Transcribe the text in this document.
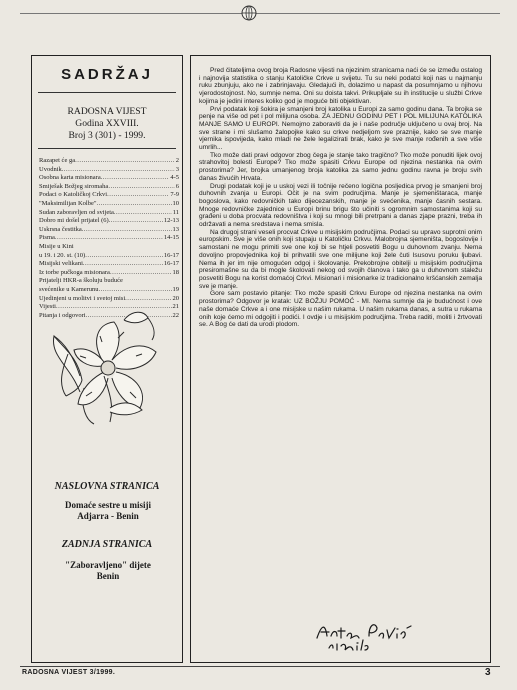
SADRŽAJ
RADOSNA VIJEST
Godina XXVIII.
Broj 3 (301) - 1999.
Razapet će ga .....	2
Uvodnik .....	3
Osobna karta misionara .....	4-5
Smiješak Božjeg siromaha .....	6
Podaci o Katoličkoj Crkvi .....	7-9
"Maksimilijan Kolbe" .....	10
Sudan zaboravljen od svijeta .....	11
Dobro mi došel prijatel (6) .....	12-13
Uskrsna čestitka .....	13
Pisma .....	14-15
Misije u Kini
u 19. i 20. st. (10) .....	16-17
Misijski velikani .....	16-17
Iz torbe pučkoga misionara .....	18
Prijatelji HKR-a školuju buduće
svećenike u Kamerunu .....	19
Ujedinjeni u molitvi i svetoj misi .....	20
Vijesti .....	21
Pitanja i odgovori .....	22
NASLOVNA STRANICA
Domaće sestre u misiji Adjarra - Benin
ZADNJA STRANICA
"Zaboravljeno" dijete Benin

Pred čitateljima ovog broja Radosne vijesti na njezinim stranicama naći će se između ostalog i najnovija statistika o stanju Katoličke Crkve u svijetu. Tu su neki podatci koji nas u najmanju ruku zbunjuju, ako ne i zabrinjavaju. Gledajući ih, dolazimo u napast da posumnjamo u njihovu vjerodostojnost. No, sumnje nema. Oni su doista takvi. Prikupljale su ih institucije u službi Crkve kojima je jedini interes koliko god je moguće biti objektivan.

Prvi podatak koji šokira je smanjeni broj katolika u Europi za samo godinu dana. Ta brojka se penje na više od pet i pol milijuna osoba. ZA JEDNU GODINU PET I POL MILIJUNA KATOLIKA MANJE SAMO U EUROPI. Nemojmo zaboraviti da je i naše područje uključeno u ovaj broj. Na sve strane i mi slušamo žalopojke kako su crkve nedjeljom sve praznije, kako se sve manje vjernika ispovijeda, kako mladi ne žele legalizirati brak, kako je sve manje rođenih a sve više umrlih...

Tko može dati pravi odgovor zbog čega je stanje tako tragično? Tko može ponuditi lijek ovoj strahovitoj bolesti Europe? Tko može spasiti Crkvu Europe od njezina nestanka na ovim prostorima? Jer, brojka umanjenog broja katolika za samo jednu godinu ravna je broju svih danas živućih Hrvata.

Drugi podatak koji je u uskoj vezi ili točnije rečeno logična posljedica prvog je smanjeni broj duhovnih zvanja u Europi. Očit je na svim područjima. Manje je sjemeništaraca, manje bogoslova, kako redovničkih tako dijecezanskih, manje je svećenika, manje časnih sestara. Mnoge redovničke zajednice u Europi brinu brigu što učiniti s ogromnim samostanima koji su građeni u doba procvata redovništva i koji su mnogi bili pretrpani a danas zjapе prazni, treba ih održavati a nema sredstava i nema smisla.

Na drugoj strani veseli procvat Crkve u misijskim područjima. Podaci su upravo suprotni onim europskim. Sve je više onih koji stupaju u Katoličku Crkvu. Malobrojna sjemeništa, bogoslovije i samostani ne mogu primiti sve one koji bi se htjeli posvetiti Bogu u duhovnom zvanju. Nema dovoljno propovjednika koji bi prihvatili sve one milijune koji žele čuti Isusovu poruku ljubavi. Nema ih jer im nije omogućen odgoj i školovanje. Prekobrojne obitelji u misijskim područjima presiromašne su da bi mogle školovati nekog od svojih članova i tako ga u duhovnom staležu posvetiti Bogu na korist domaćoj Crkvi. Misionari i misionarke iz tradicionalno kršćanskih zemalja sve je manje.

Gore sam postavio pitanje: Tko može spasiti Crkvu Europe od njezina nestanka na ovim prostorima? Odgovor je kratak: UZ BOŽJU POMOĆ - MI. Nema sumnje da je budućnost i ove naše domaće Crkve a i one misijske u našim rukama. U našim rukama danas, a sutra u rukama onih koje ćemo mi odgojiti i podići. I ovdje i u misijskim područjima. Treba raditi, moliti i žrtvovati se. A Bog će dati da urodi plodom.

RADOSNA VIJEST 3/1999.	3
